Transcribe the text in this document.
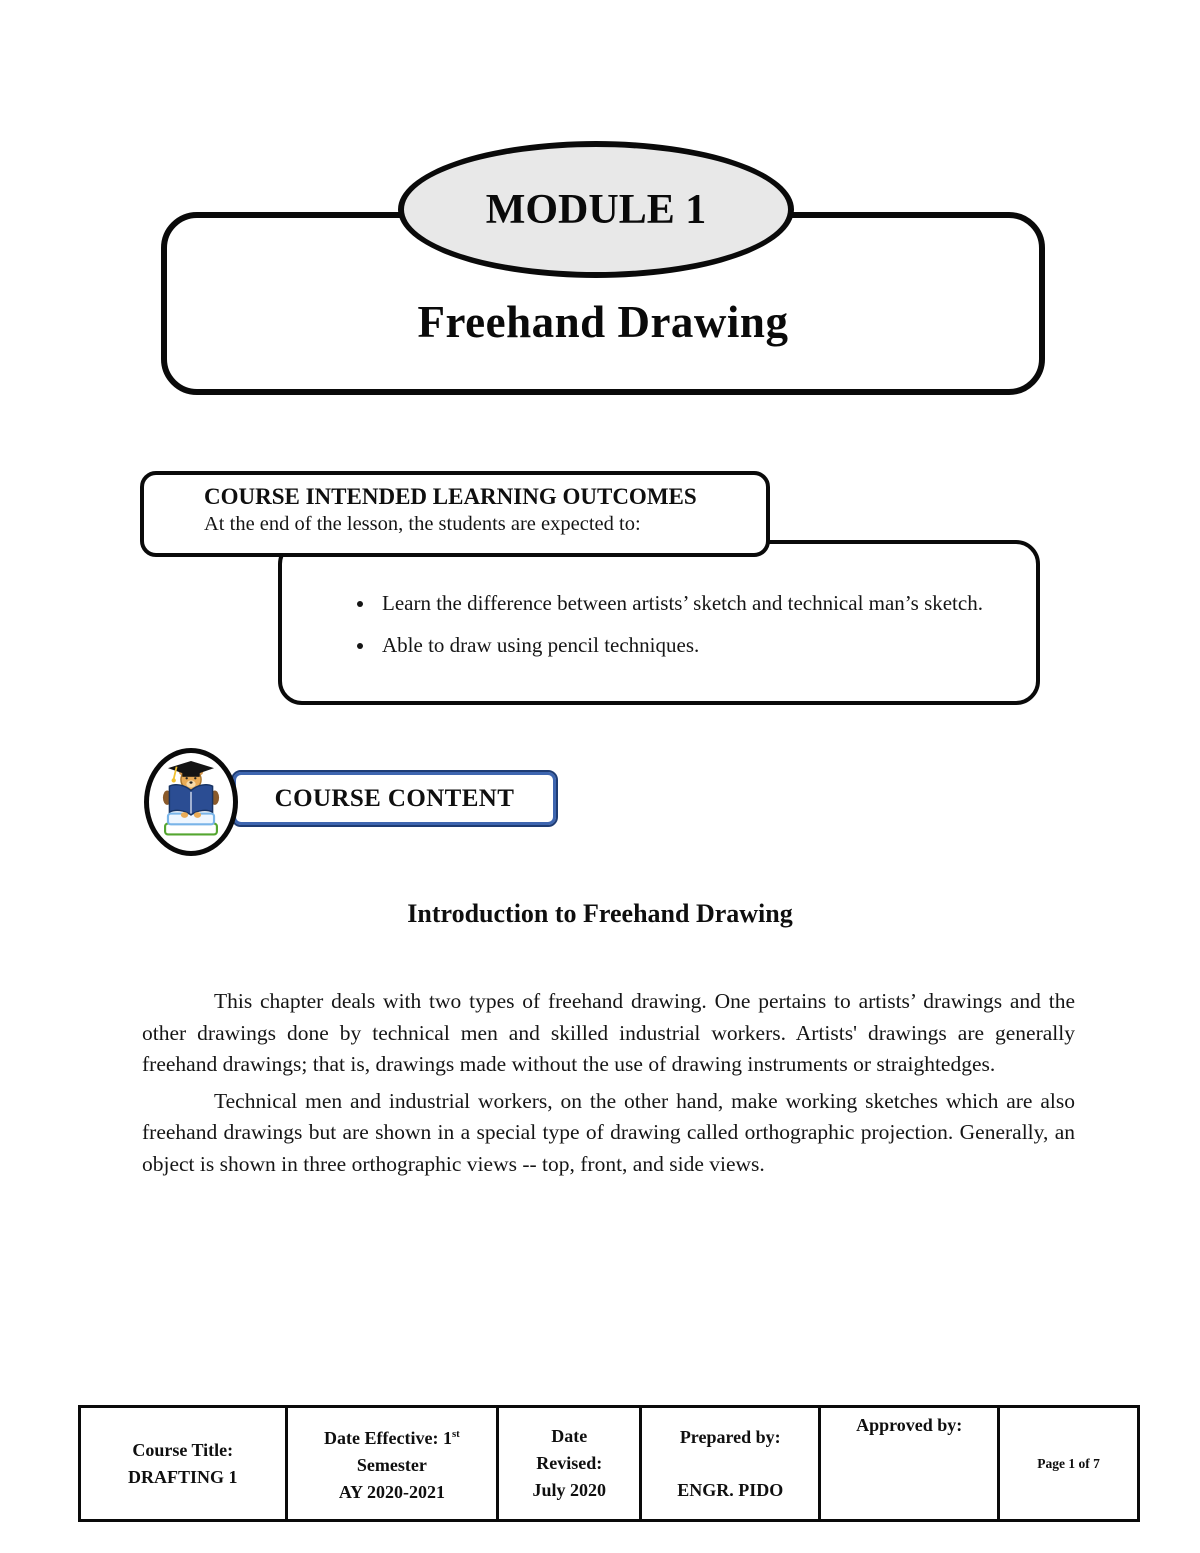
Freehand Drawing
MODULE 1
• Learn the difference between artists’ sketch and technical man’s sketch.
• Able to draw using pencil techniques.
COURSE INTENDED LEARNING OUTCOMES
At the end of the lesson, the students are expected to:
COURSE CONTENT
Introduction to Freehand Drawing

This chapter deals with two types of freehand drawing. One pertains to artists’ drawings and the other drawings done by technical men and skilled industrial workers. Artists' drawings are generally freehand drawings; that is, drawings made without the use of drawing instruments or straightedges.

Technical men and industrial workers, on the other hand, make working sketches which are also freehand drawings but are shown in a special type of drawing called orthographic projection. Generally, an object is shown in three orthographic views -- top, front, and side views.

Course Title:
DRAFTING 1

Date Effective: 1st
Semester
AY 2020-2021

Date
Revised:
July 2020

Prepared by:
ENGR. PIDO

Approved by:

Page 1 of 7
